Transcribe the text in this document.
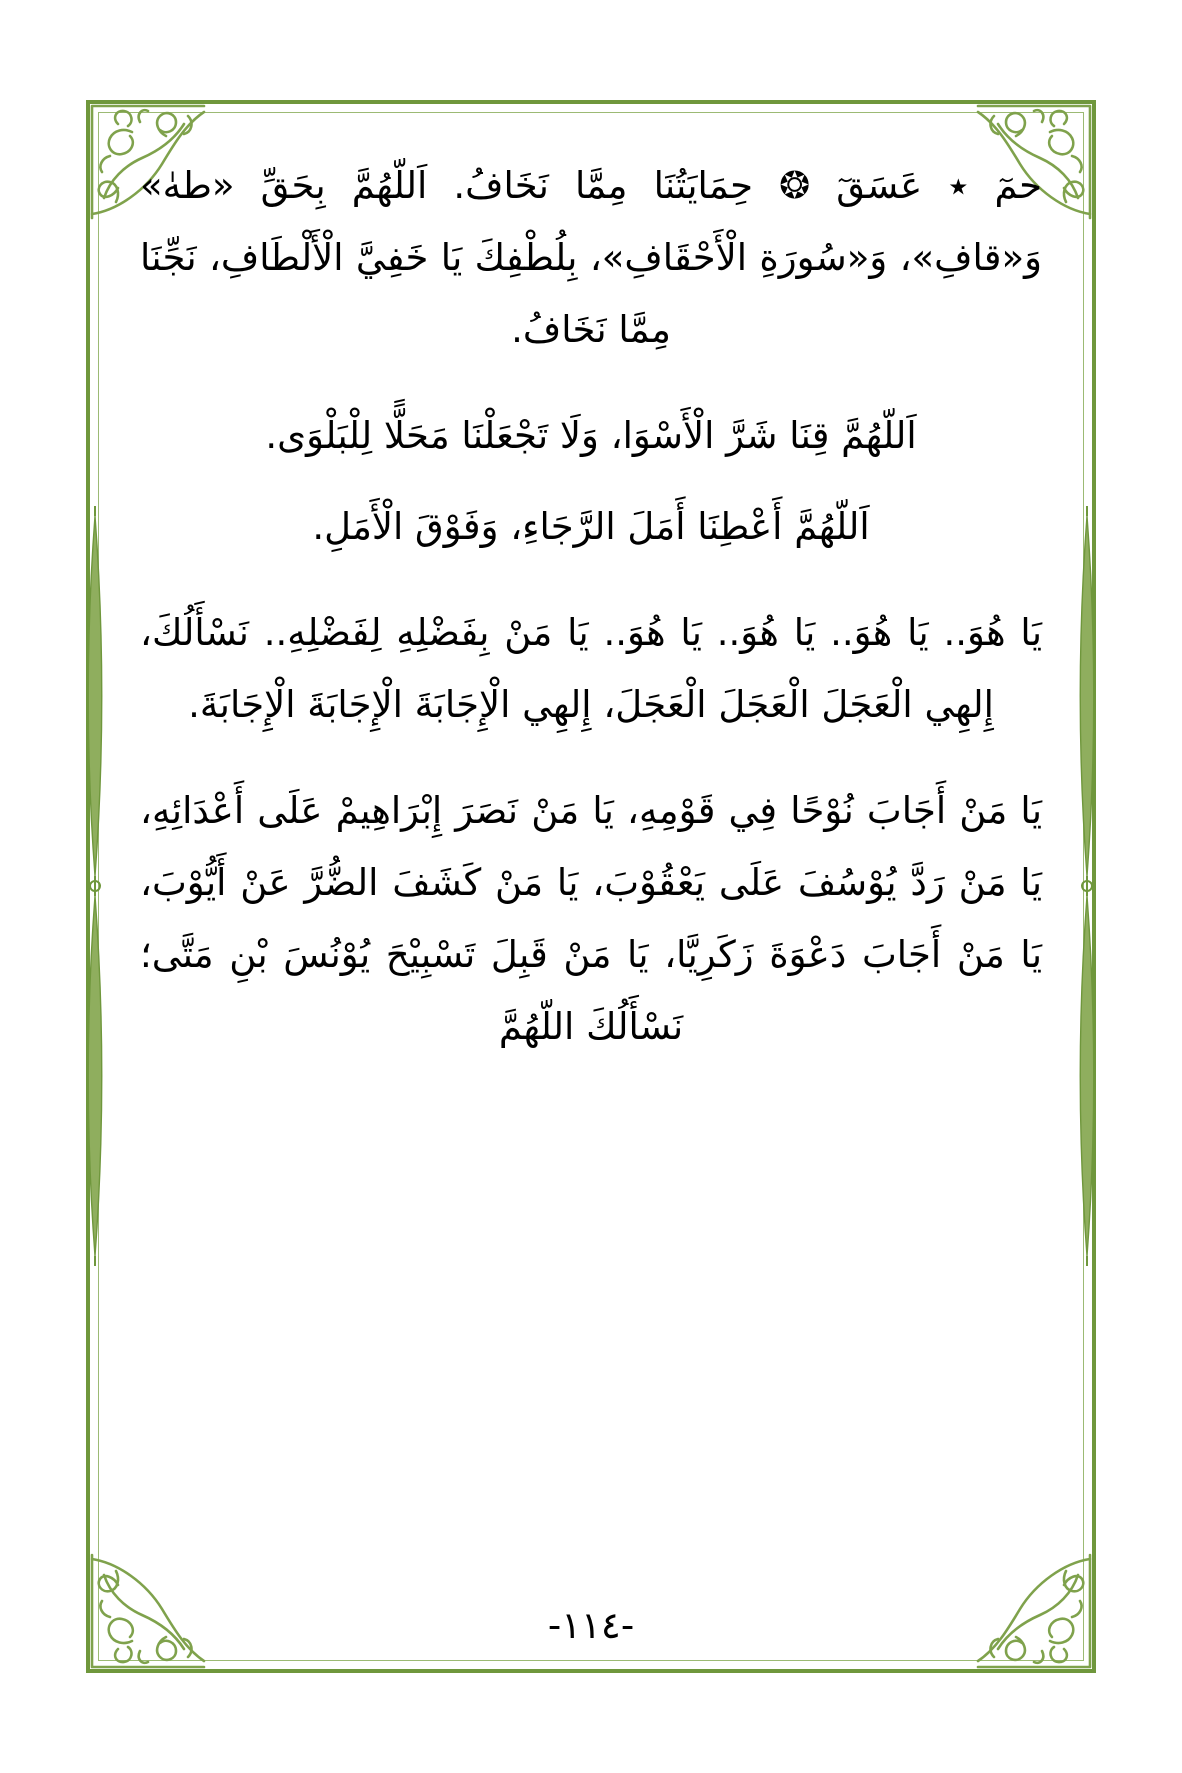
حمٓ ٭ عَسَقٓ ❂ حِمَايَتُنَا مِمَّا نَخَافُ. اَللّهُمَّ بِحَقِّ «طهٰ» وَ«قافِ»، وَ«سُورَةِ الْأَحْقَافِ»، بِلُطْفِكَ يَا خَفِيَّ الْأَلْطَافِ، نَجِّنَا مِمَّا نَخَافُ.

اَللّهُمَّ قِنَا شَرَّ الْأَسْوَا، وَلَا تَجْعَلْنَا مَحَلًّا لِلْبَلْوَى.

اَللّهُمَّ أَعْطِنَا أَمَلَ الرَّجَاءِ، وَفَوْقَ الْأَمَلِ.

يَا هُوَ.. يَا هُوَ.. يَا هُوَ.. يَا هُوَ.. يَا مَنْ بِفَضْلِهِ لِفَضْلِهِ.. نَسْأَلُكَ، إِلهِي الْعَجَلَ الْعَجَلَ الْعَجَلَ، إِلهِي الْإِجَابَةَ الْإِجَابَةَ الْإِجَابَةَ.

يَا مَنْ أَجَابَ نُوْحًا فِي قَوْمِهِ، يَا مَنْ نَصَرَ إِبْرَاهِيمْ عَلَى أَعْدَائِهِ، يَا مَنْ رَدَّ يُوْسُفَ عَلَى يَعْقُوْبَ، يَا مَنْ كَشَفَ الضُّرَّ عَنْ أَيُّوْبَ، يَا مَنْ أَجَابَ دَعْوَةَ زَكَرِيَّا، يَا مَنْ قَبِلَ تَسْبِيْحَ يُوْنُسَ بْنِ مَتَّى؛ نَسْأَلُكَ اللّهُمَّ

-١١٤-
